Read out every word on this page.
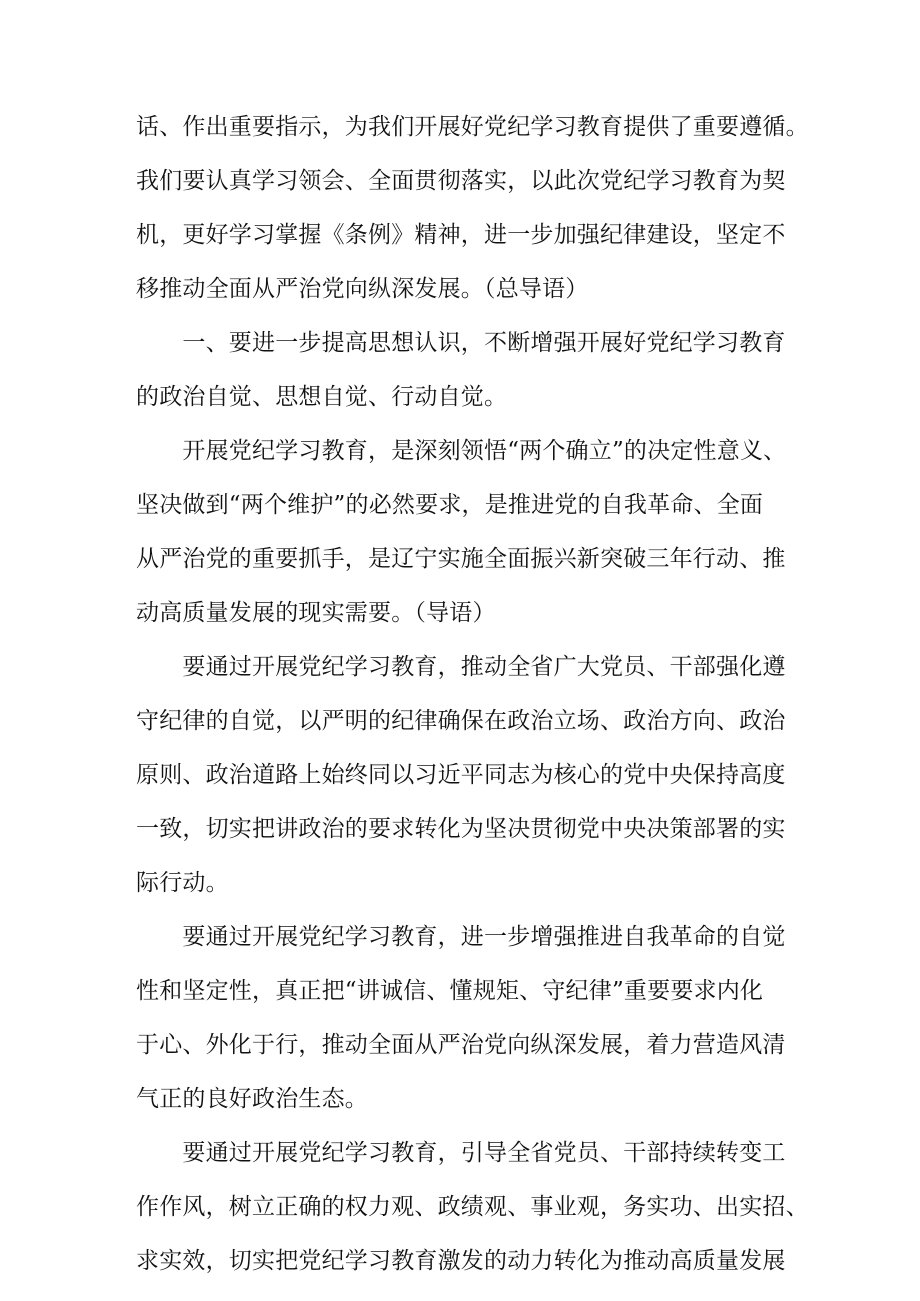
话、作出重要指示，为我们开展好党纪学习教育提供了重要遵循。
我们要认真学习领会、全面贯彻落实，以此次党纪学习教育为契
机，更好学习掌握《条例》精神，进一步加强纪律建设，坚定不
移推动全面从严治党向纵深发展。（总导语）
　　一、要进一步提高思想认识，不断增强开展好党纪学习教育
的政治自觉、思想自觉、行动自觉。
　　开展党纪学习教育，是深刻领悟“两个确立”的决定性意义、
坚决做到“两个维护”的必然要求，是推进党的自我革命、全面
从严治党的重要抓手，是辽宁实施全面振兴新突破三年行动、推
动高质量发展的现实需要。（导语）
　　要通过开展党纪学习教育，推动全省广大党员、干部强化遵
守纪律的自觉，以严明的纪律确保在政治立场、政治方向、政治
原则、政治道路上始终同以习近平同志为核心的党中央保持高度
一致，切实把讲政治的要求转化为坚决贯彻党中央决策部署的实
际行动。
　　要通过开展党纪学习教育，进一步增强推进自我革命的自觉
性和坚定性，真正把“讲诚信、懂规矩、守纪律”重要要求内化
于心、外化于行，推动全面从严治党向纵深发展，着力营造风清
气正的良好政治生态。
　　要通过开展党纪学习教育，引导全省党员、干部持续转变工
作作风，树立正确的权力观、政绩观、事业观，务实功、出实招、
求实效，切实把党纪学习教育激发的动力转化为推动高质量发展
